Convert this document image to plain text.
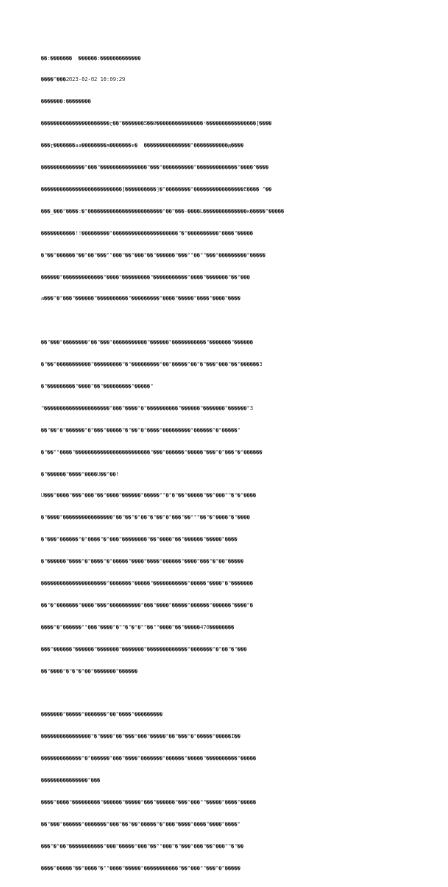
��:�������  ������:�������������

����^���2023-02-02 10:09:29

�������:��������

����������������������ɽ��"�������Ƽ��Թ���������������ʵ����������������[����

���ɽ�������aa��������ѫ�������ϵ�  ���������������"�����������ԭ����

��������������"���"���������������"���"����������"�������������"����^����

��������������������������[����������]�"��������"����������������E���� ^��

���_���"����:�"������������������������"��"���-����L��������������ĸ�����"�����

�����������!!���������"���������������������"�"����������"����"�����

�"��"������"��"��"���""���"��"���"��"������"���""��""���"���������"�����

������"�������������"����"���������"�����������"����"�������"��"���

a���"�"���"������"����������"���������"����"�����"����"����"����

��"���"��������"��"���"�����������"������"�����������"�������"������

�"��"�����������"���������"�"���������"��"�����"��"�"���"���"��"������3

�"���������"����"��"���������"�����"

"���������������������"���"����"�"����������"������"�������"������"3

��"��"�"������"�"���"�����"�"��"�"����"���������"������"�"�����"

�"��""����"������������������������"���"������"�����"���"�"���"�"������

�"������"����"����U��"��!

U���"����"���"���"��"����"������"�����""�"�"��"�����"��"���""�"�"����

�"����"����������������"��"��"�"��"�"��"�"���"��"""��"�"����"�"����

�"���"������"�"����"�"���"��������"��"����"��"������"�����"����

�"������"����"�"����"�"�����"����"����"������"����"���"�"��"�����

���������������������"�������"�����"�����������"�����"����"�"�������

��"�"�������"����"���"����������"���"����"�����"������"������"����"�

����"�"������""���"����"�""�"�"�""��""����"��"�����470��������

���"������"������"�������"�������"�������������"�������"�"��"�"���

��"����"�"�"�"��"�������"������

�������"�����"�������"��"����"���������

����������������"�"����"��"���"���"�����"��"���"�"�����"�����I��

�������������"�"������"���"����"�������"������"�����"����������"�����

���������������"���

����"����"���������"������"�����"���"������"���"���""�����"����"�����

��"���"������"�������"���"��"��"�����"�"���"����"����"����"����"

���"�"��"�����������"���"�����"���"��""���"�"���"���"��"���""�"��

����"�����"��"����"�""����"�����"�����������"��"���""���"�"�����
